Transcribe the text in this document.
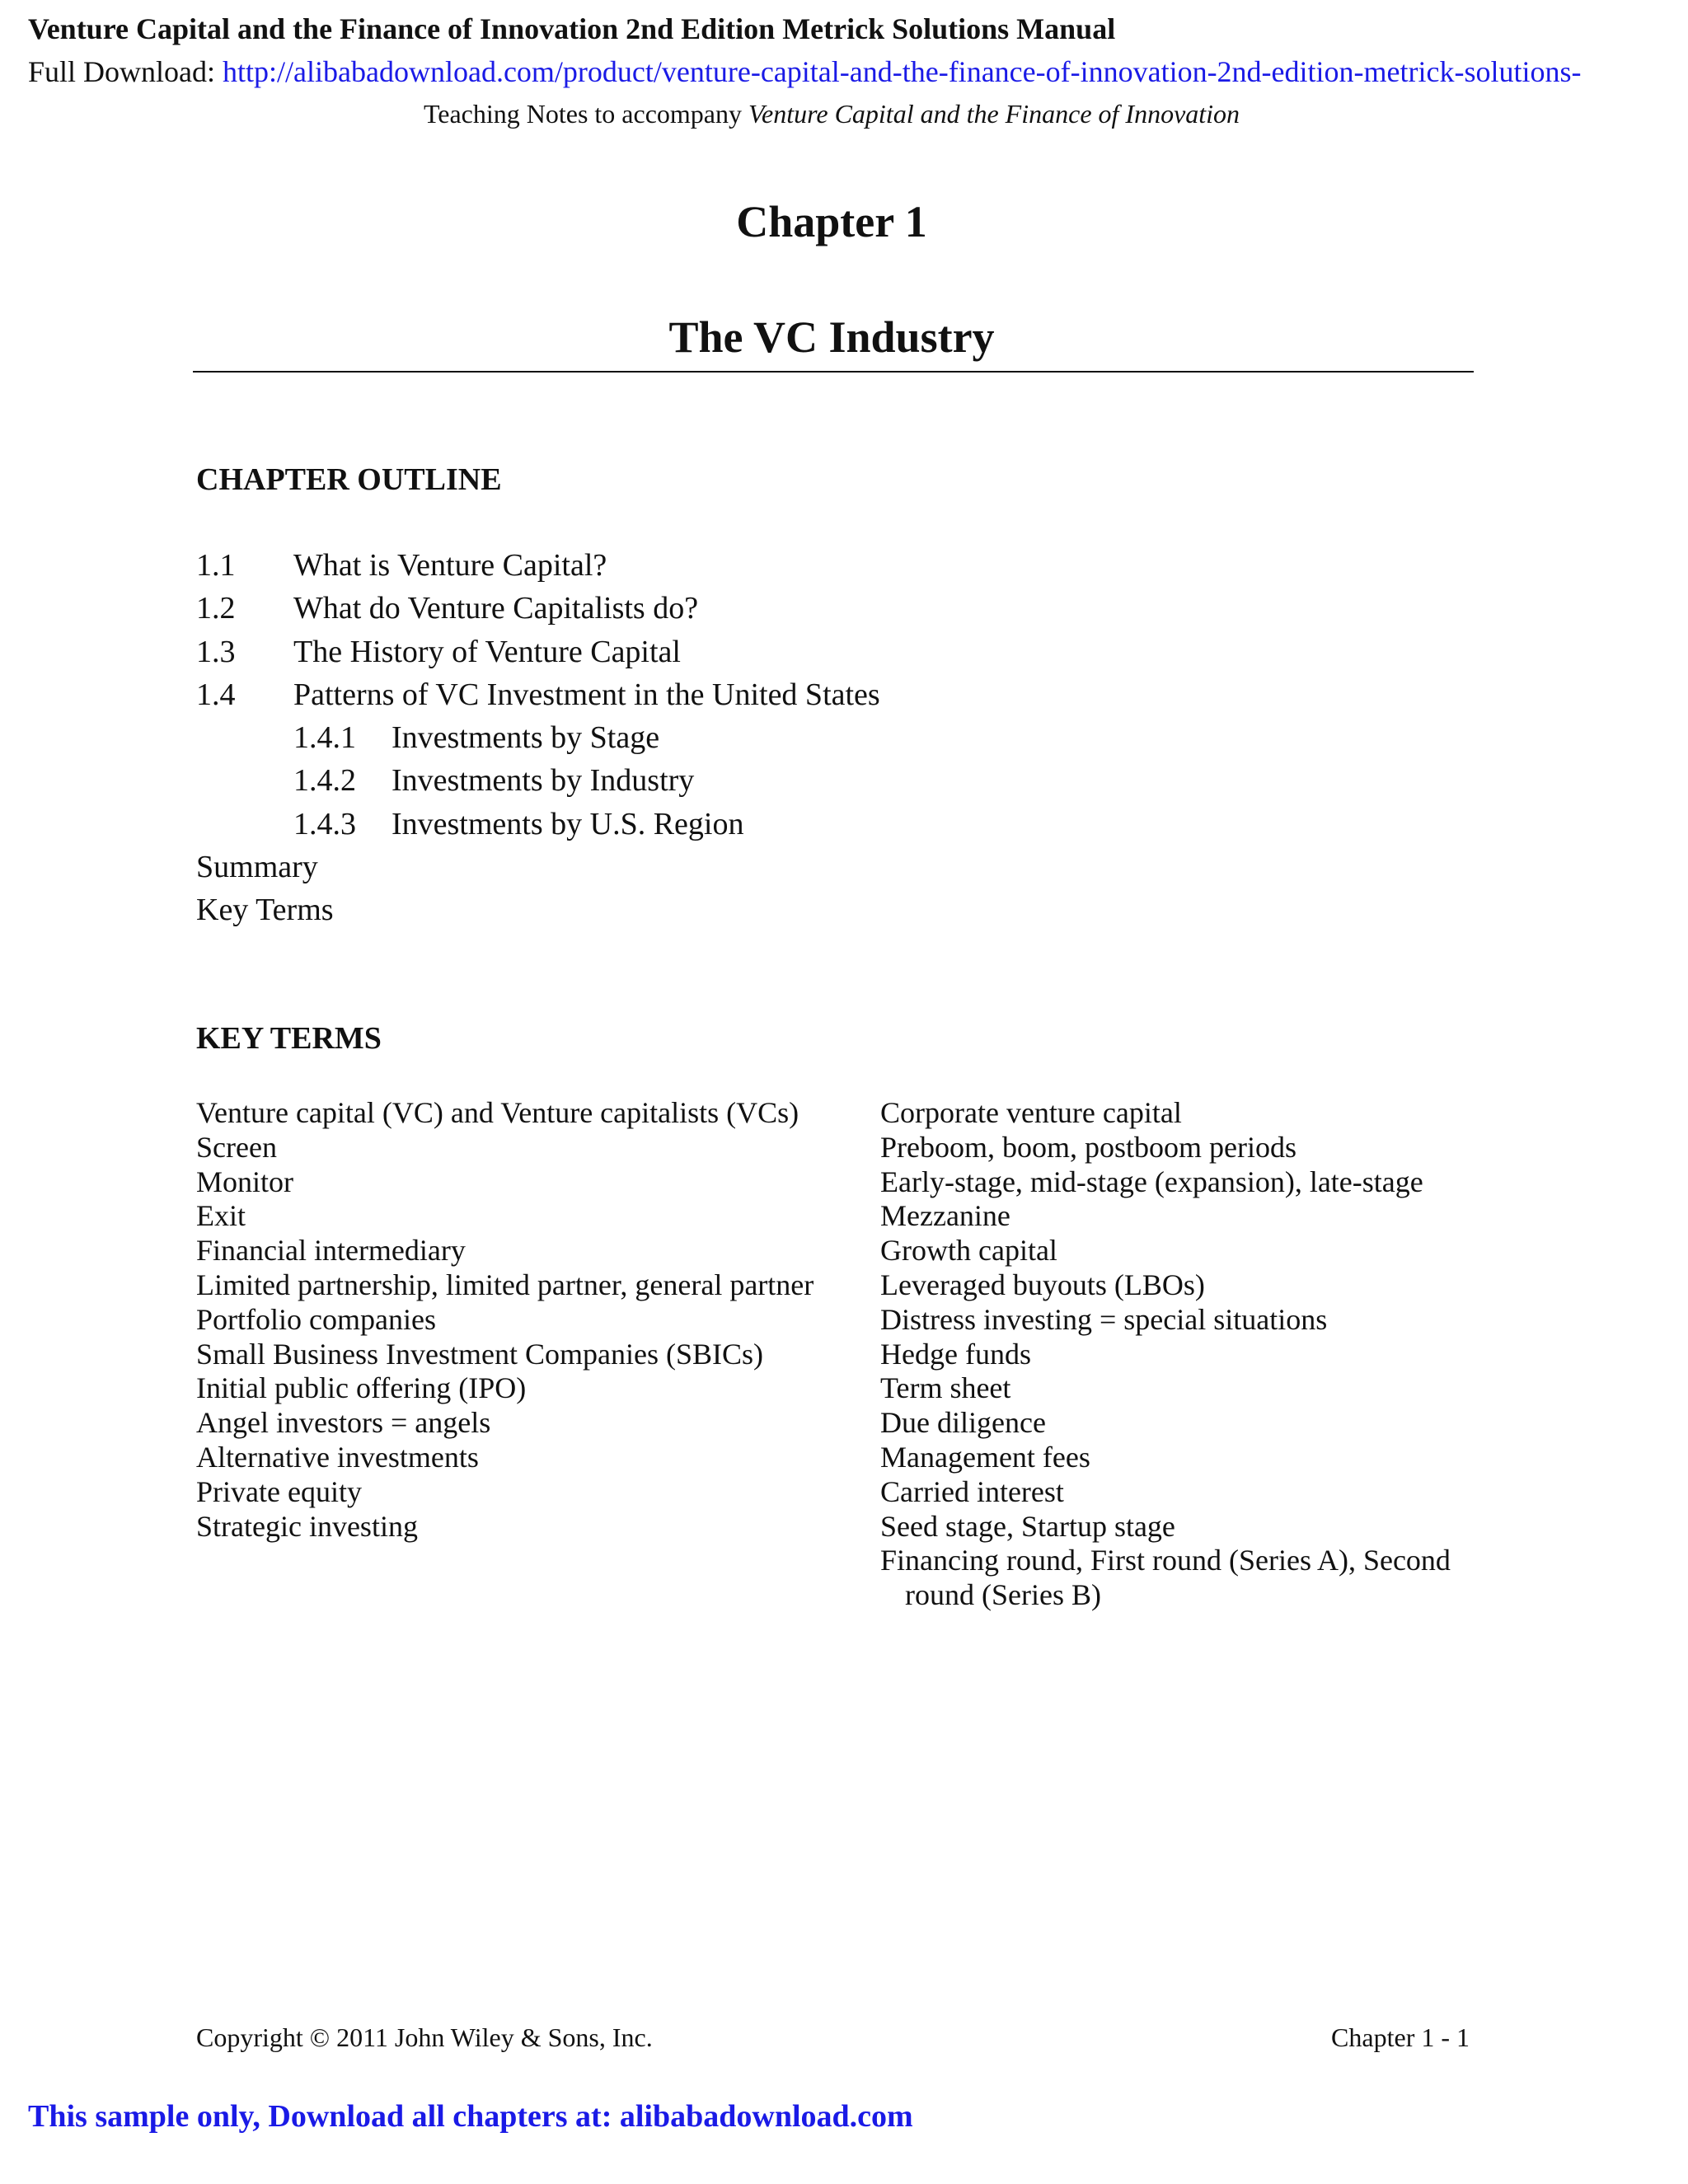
Venture Capital and the Finance of Innovation 2nd Edition Metrick Solutions Manual
Full Download: http://alibabadownload.com/product/venture-capital-and-the-finance-of-innovation-2nd-edition-metrick-solutions-
Teaching Notes to accompany Venture Capital and the Finance of Innovation
Chapter 1
The VC Industry
CHAPTER OUTLINE
1.1 What is Venture Capital?
1.2 What do Venture Capitalists do?
1.3 The History of Venture Capital
1.4 Patterns of VC Investment in the United States
1.4.1 Investments by Stage
1.4.2 Investments by Industry
1.4.3 Investments by U.S. Region
Summary
Key Terms
KEY TERMS
Venture capital (VC) and Venture capitalists (VCs)
Screen
Monitor
Exit
Financial intermediary
Limited partnership, limited partner, general partner
Portfolio companies
Small Business Investment Companies (SBICs)
Initial public offering (IPO)
Angel investors = angels
Alternative investments
Private equity
Strategic investing
Corporate venture capital
Preboom, boom, postboom periods
Early-stage, mid-stage (expansion), late-stage
Mezzanine
Growth capital
Leveraged buyouts (LBOs)
Distress investing = special situations
Hedge funds
Term sheet
Due diligence
Management fees
Carried interest
Seed stage, Startup stage
Financing round, First round (Series A), Second round (Series B)
Copyright © 2011 John Wiley & Sons, Inc.	Chapter 1 - 1
This sample only, Download all chapters at: alibabadownload.com
